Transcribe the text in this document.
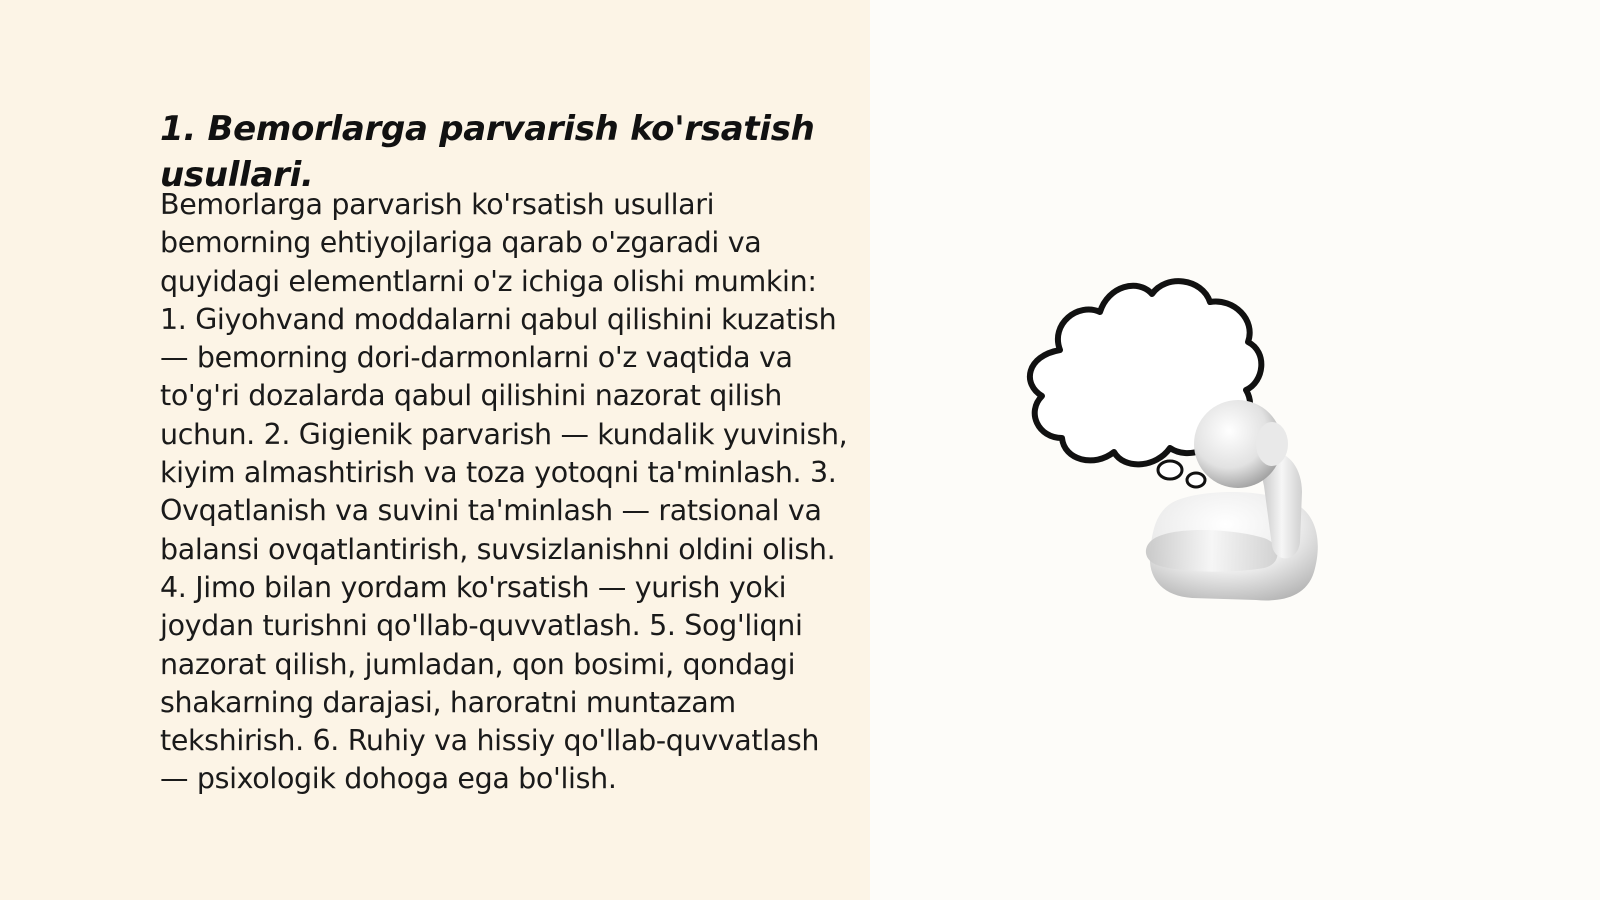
1. Bemorlarga parvarish ko'rsatish usullari.

Bemorlarga parvarish ko'rsatish usullari bemorning ehtiyojlariga qarab o'zgaradi va quyidagi elementlarni o'z ichiga olishi mumkin: 1. Giyohvand moddalarni qabul qilishini kuzatish — bemorning dori-darmonlarni o'z vaqtida va to'g'ri dozalarda qabul qilishini nazorat qilish uchun. 2. Gigienik parvarish — kundalik yuvinish, kiyim almashtirish va toza yotoqni ta'minlash. 3. Ovqatlanish va suvini ta'minlash — ratsional va balansi ovqatlantirish, suvsizlanishni oldini olish. 4. Jimo bilan yordam ko'rsatish — yurish yoki joydan turishni qo'llab-quvvatlash. 5. Sog'liqni nazorat qilish, jumladan, qon bosimi, qondagi shakarning darajasi, haroratni muntazam tekshirish. 6. Ruhiy va hissiy qo'llab-quvvatlash — psixologik dohoga ega bo'lish.
